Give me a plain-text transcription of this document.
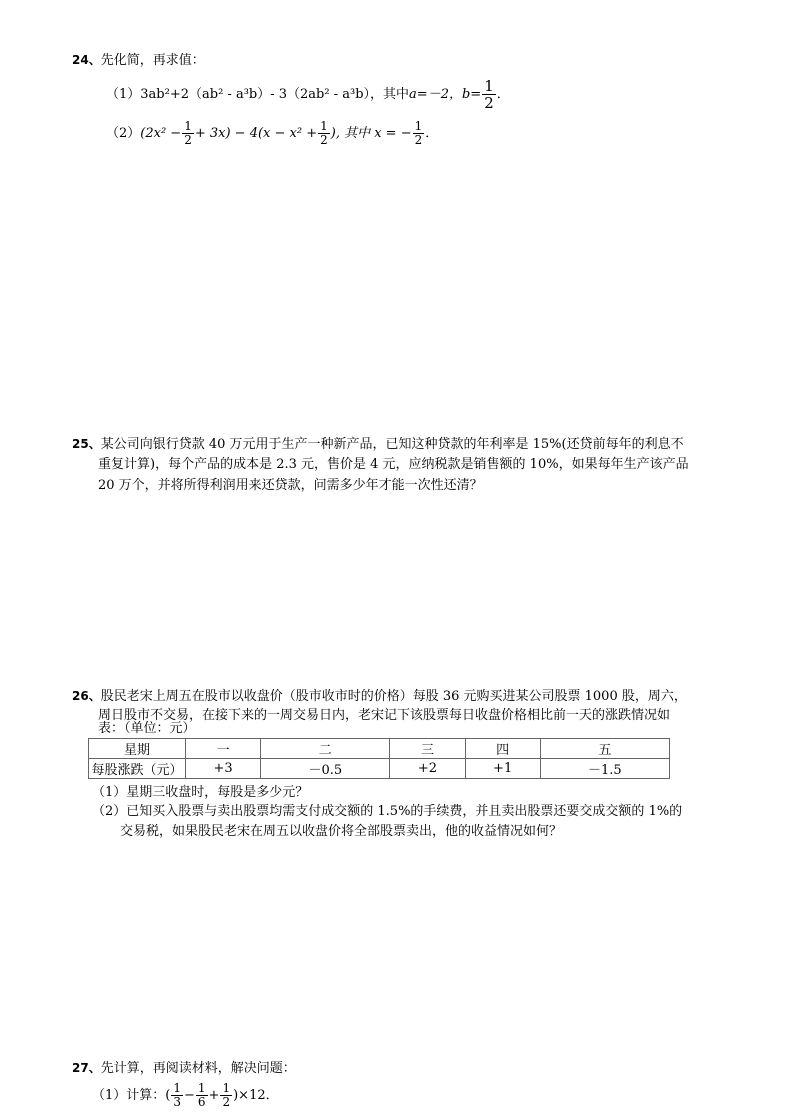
24、先化简，再求值：
（1）3ab²+2（ab² - a³b）- 3（2ab² - a³b），其中a=－2，$b= \frac{1}{2}$ ．
$(2)(2x^2 - \frac{1}{2} + 3x) - 4(x - x^2 + \frac{1}{2}$ ), 其中 x = − $\frac{1}{2}$ ．
25、某公司向银行贷款 40 万元用于生产一种新产品，已知这种贷款的年利率是 15%(还贷前每年的利息不
重复计算)，每个产品的成本是 2.3 元，售价是 4 元，应纳税款是销售额的 10%，如果每年生产该产品
20 万个，并将所得利润用来还贷款，问需多少年才能一次性还清？
26、股民老宋上周五在股市以收盘价（股市收市时的价格）每股 36 元购买进某公司股票 1000 股，周六，
周日股市不交易，在接下来的一周交易日内，老宋记下该股票每日收盘价格相比前一天的涨跌情况如
表：（单位：元）
星期	一	二	三	四	五
每股涨跌（元）	+3	－0.5	+2	+1	－1.5
（1）星期三收盘时，每股是多少元？
（2）已知买入股票与卖出股票均需支付成交额的 1.5%的手续费，并且卖出股票还要交成交额的 1%的
交易税，如果股民老宋在周五以收盘价将全部股票卖出，他的收益情况如何？
27、先计算，再阅读材料，解决问题：
（1）计算：( $\frac{1}{3} - \frac{1}{6} + \frac{1}{2} )\times 12$．
